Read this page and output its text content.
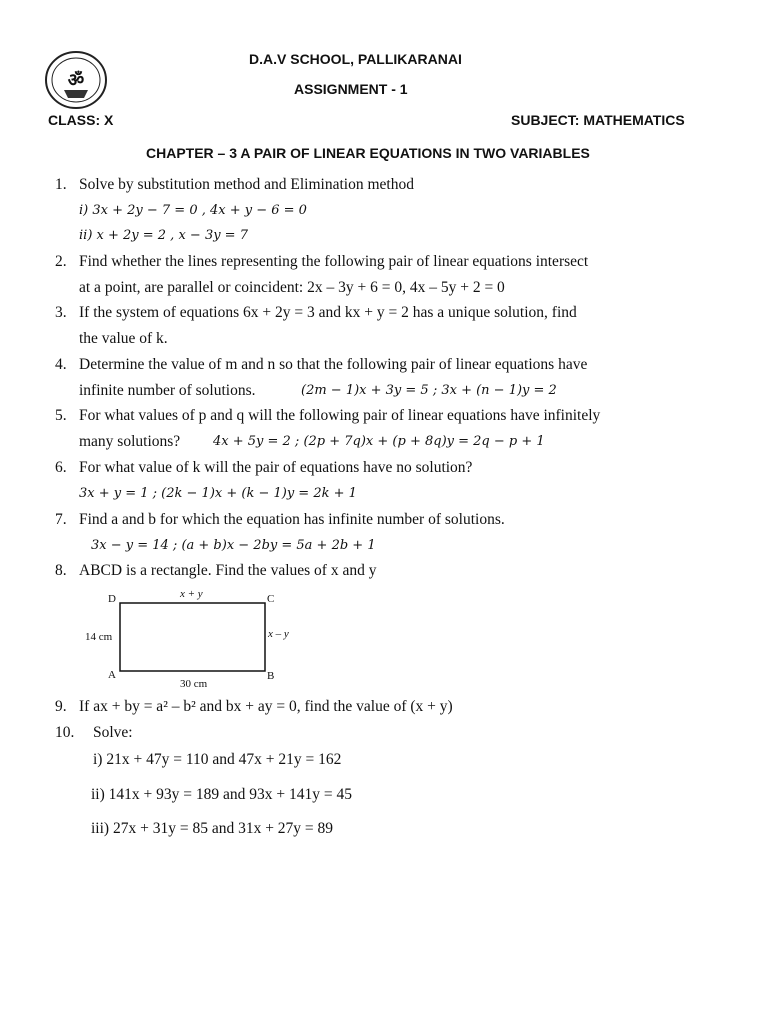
ॐ
D.A.V SCHOOL, PALLIKARANAI
ASSIGNMENT - 1
CLASS: X	SUBJECT: MATHEMATICS
CHAPTER – 3 A PAIR OF LINEAR EQUATIONS IN TWO VARIABLES
1. Solve by substitution method and Elimination method
i) 3x + 2y − 7 = 0 , 4x + y − 6 = 0
ii) x + 2y = 2 , x − 3y = 7
2. Find whether the lines representing the following pair of linear equations intersect
at a point, are parallel or coincident: 2x – 3y + 6 = 0, 4x – 5y + 2 = 0
3. If the system of equations 6x + 2y = 3 and kx + y = 2 has a unique solution, find
the value of k.
4. Determine the value of m and n so that the following pair of linear equations have
infinite number of solutions.	(2m − 1)x + 3y = 5 ; 3x + (n − 1)y = 2
5. For what values of p and q will the following pair of linear equations have infinitely
many solutions?	4x + 5y = 2 ; (2p + 7q)x + (p + 8q)y = 2q − p + 1
6. For what value of k will the pair of equations have no solution?
3x + y = 1 ; (2k − 1)x + (k − 1)y = 2k + 1
7. Find a and b for which the equation has infinite number of solutions.
3x − y = 14 ; (a + b)x − 2by = 5a + 2b + 1
8. ABCD is a rectangle. Find the values of x and y
D	C
A	B
x + y
x – y
14 cm
30 cm
9. If ax + by = a² – b² and bx + ay = 0, find the value of (x + y)
10. Solve:
i) 21x + 47y = 110 and 47x + 21y = 162
ii) 141x + 93y = 189 and 93x + 141y = 45
iii) 27x + 31y = 85 and 31x + 27y = 89
